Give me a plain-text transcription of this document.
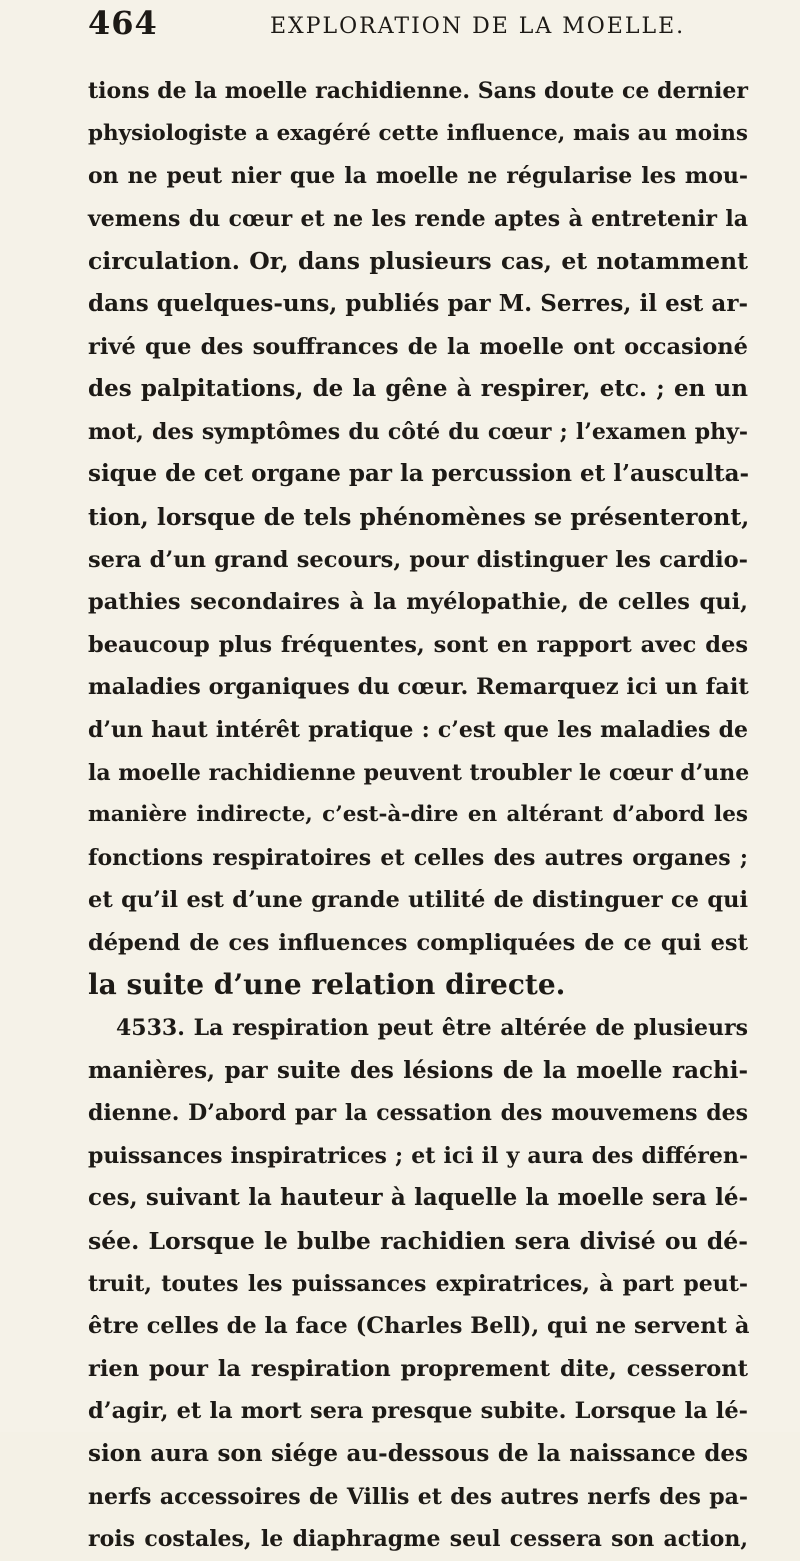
464	EXPLORATION DE LA MOELLE.
tions de la moelle rachidienne. Sans doute ce dernier
physiologiste a exagéré cette influence, mais au moins
on ne peut nier que la moelle ne régularise les mou-
vemens du cœur et ne les rende aptes à entretenir la
circulation. Or, dans plusieurs cas, et notamment
dans quelques-uns, publiés par M. Serres, il est ar-
rivé que des souffrances de la moelle ont occasioné
des palpitations, de la gêne à respirer, etc. ; en un
mot, des symptômes du côté du cœur ; l’examen phy-
sique de cet organe par la percussion et l’ausculta-
tion, lorsque de tels phénomènes se présenteront,
sera d’un grand secours, pour distinguer les cardio-
pathies secondaires à la myélopathie, de celles qui,
beaucoup plus fréquentes, sont en rapport avec des
maladies organiques du cœur. Remarquez ici un fait
d’un haut intérêt pratique : c’est que les maladies de
la moelle rachidienne peuvent troubler le cœur d’une
manière indirecte, c’est-à-dire en altérant d’abord les
fonctions respiratoires et celles des autres organes ;
et qu’il est d’une grande utilité de distinguer ce qui
dépend de ces influences compliquées de ce qui est
la suite d’une relation directe.
4533. La respiration peut être altérée de plusieurs
manières, par suite des lésions de la moelle rachi-
dienne. D’abord par la cessation des mouvemens des
puissances inspiratrices ; et ici il y aura des différen-
ces, suivant la hauteur à laquelle la moelle sera lé-
sée. Lorsque le bulbe rachidien sera divisé ou dé-
truit, toutes les puissances expiratrices, à part peut-
être celles de la face (Charles Bell), qui ne servent à
rien pour la respiration proprement dite, cesseront
d’agir, et la mort sera presque subite. Lorsque la lé-
sion aura son siége au-dessous de la naissance des
nerfs accessoires de Villis et des autres nerfs des pa-
rois costales, le diaphragme seul cessera son action,
